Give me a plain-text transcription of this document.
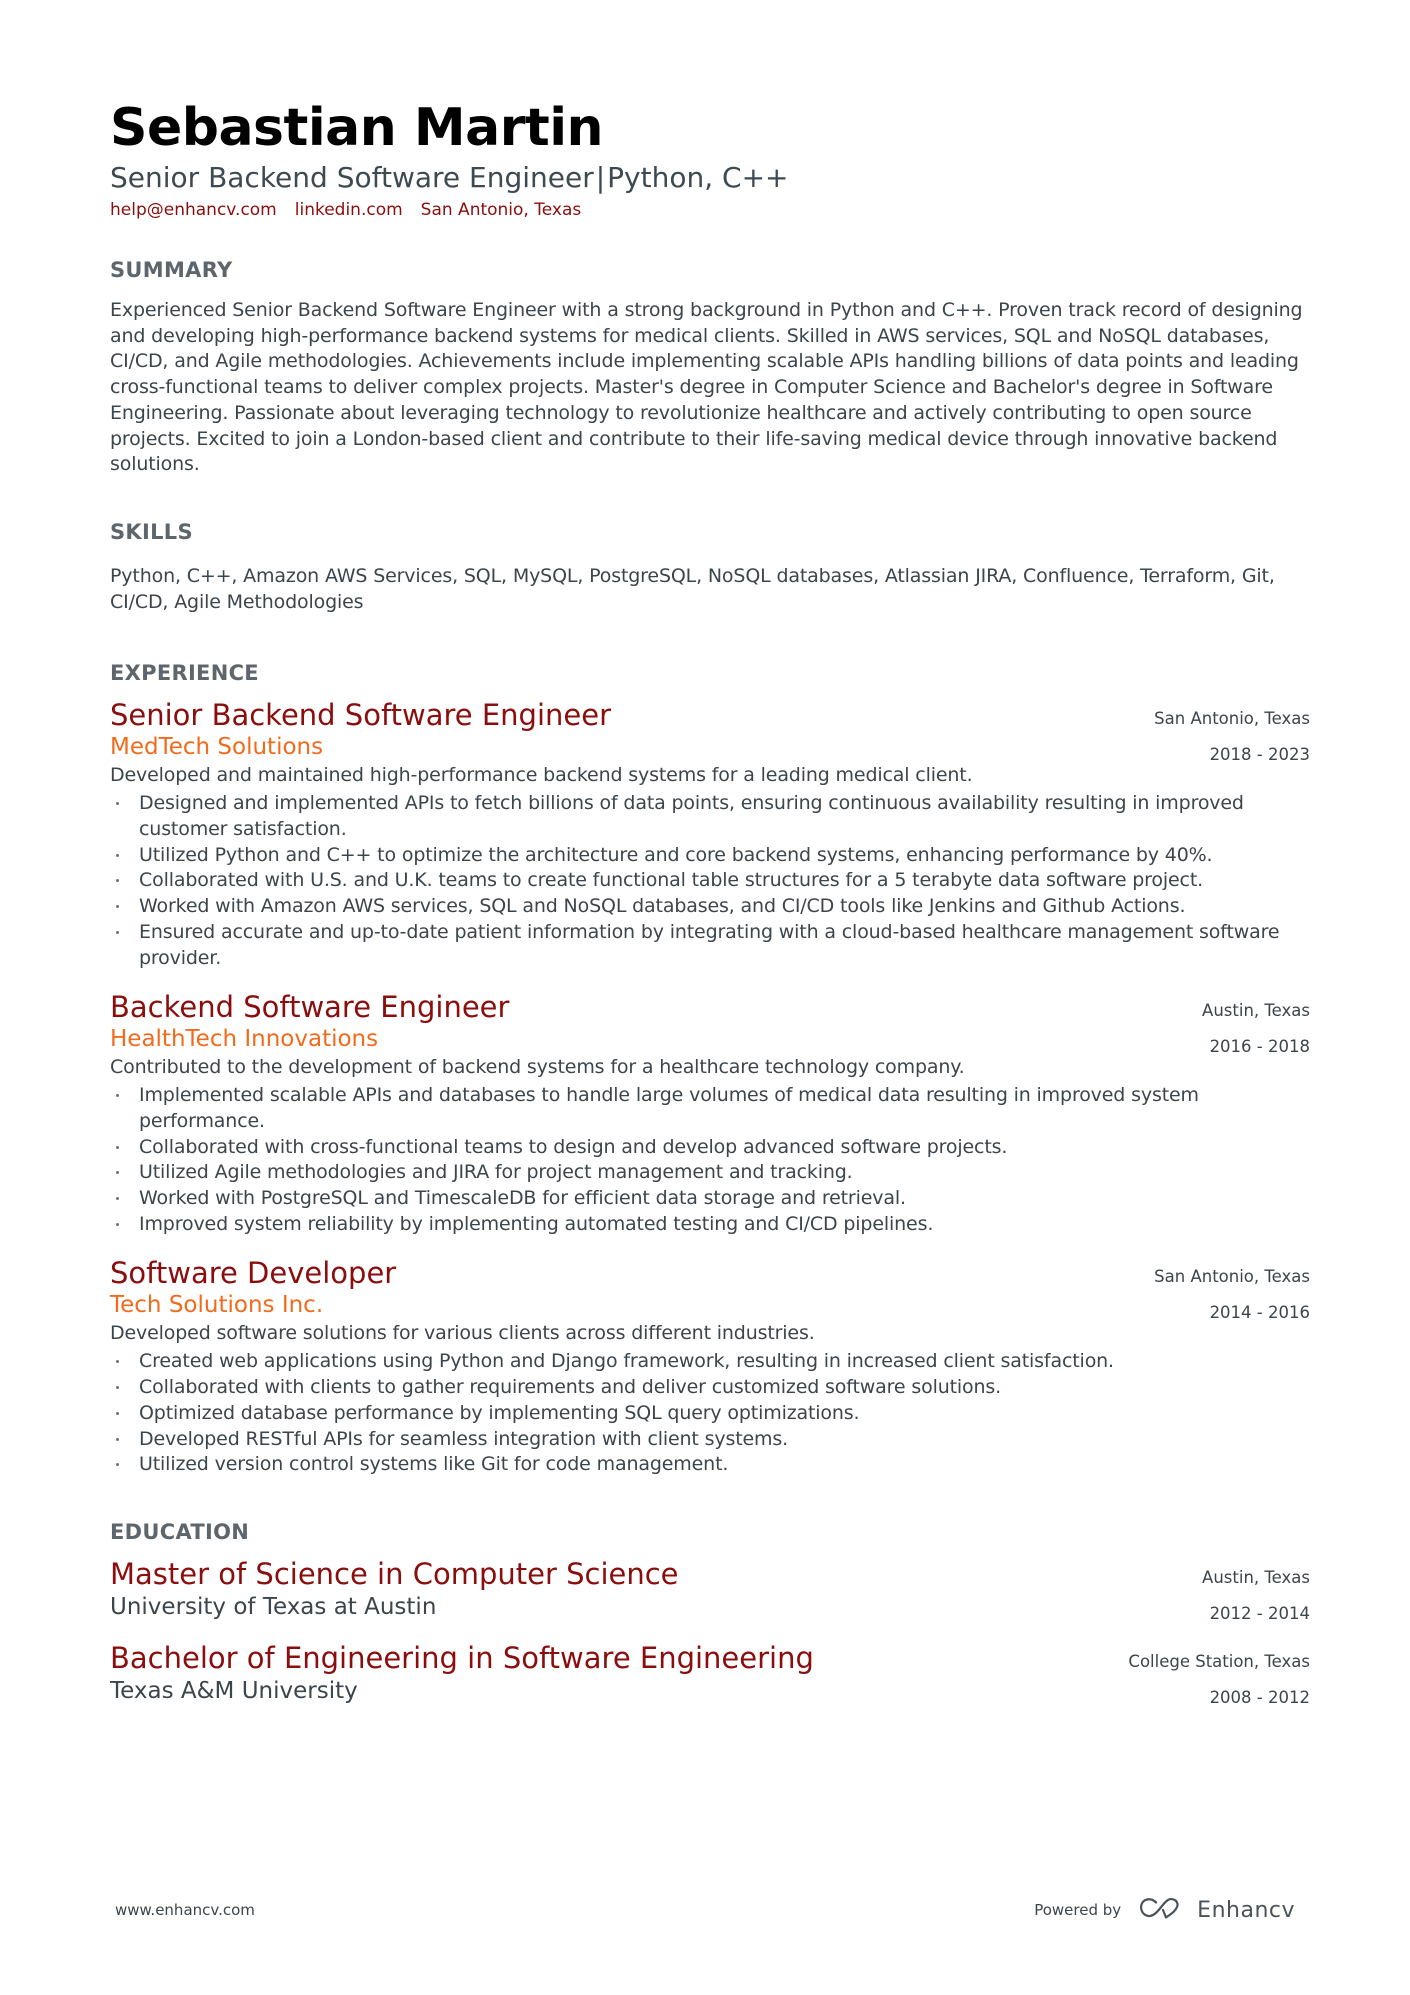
Sebastian Martin
Senior Backend Software Engineer|Python, C++
help@enhancv.com linkedin.com San Antonio, Texas
SUMMARY
Experienced Senior Backend Software Engineer with a strong background in Python and C++. Proven track record of designing and developing high-performance backend systems for medical clients. Skilled in AWS services, SQL and NoSQL databases, CI/CD, and Agile methodologies. Achievements include implementing scalable APIs handling billions of data points and leading cross-functional teams to deliver complex projects. Master's degree in Computer Science and Bachelor's degree in Software Engineering. Passionate about leveraging technology to revolutionize healthcare and actively contributing to open source projects. Excited to join a London-based client and contribute to their life-saving medical device through innovative backend solutions.
SKILLS
Python, C++, Amazon AWS Services, SQL, MySQL, PostgreSQL, NoSQL databases, Atlassian JIRA, Confluence, Terraform, Git, CI/CD, Agile Methodologies
EXPERIENCE
Senior Backend Software Engineer
MedTech Solutions
San Antonio, Texas
2018 - 2023
Developed and maintained high-performance backend systems for a leading medical client.
Designed and implemented APIs to fetch billions of data points, ensuring continuous availability resulting in improved customer satisfaction.
Utilized Python and C++ to optimize the architecture and core backend systems, enhancing performance by 40%.
Collaborated with U.S. and U.K. teams to create functional table structures for a 5 terabyte data software project.
Worked with Amazon AWS services, SQL and NoSQL databases, and CI/CD tools like Jenkins and Github Actions.
Ensured accurate and up-to-date patient information by integrating with a cloud-based healthcare management software provider.
Backend Software Engineer
HealthTech Innovations
Austin, Texas
2016 - 2018
Contributed to the development of backend systems for a healthcare technology company.
Implemented scalable APIs and databases to handle large volumes of medical data resulting in improved system performance.
Collaborated with cross-functional teams to design and develop advanced software projects.
Utilized Agile methodologies and JIRA for project management and tracking.
Worked with PostgreSQL and TimescaleDB for efficient data storage and retrieval.
Improved system reliability by implementing automated testing and CI/CD pipelines.
Software Developer
Tech Solutions Inc.
San Antonio, Texas
2014 - 2016
Developed software solutions for various clients across different industries.
Created web applications using Python and Django framework, resulting in increased client satisfaction.
Collaborated with clients to gather requirements and deliver customized software solutions.
Optimized database performance by implementing SQL query optimizations.
Developed RESTful APIs for seamless integration with client systems.
Utilized version control systems like Git for code management.
EDUCATION
Master of Science in Computer Science
University of Texas at Austin
Austin, Texas
2012 - 2014
Bachelor of Engineering in Software Engineering
Texas A&M University
College Station, Texas
2008 - 2012
www.enhancv.com	Powered by	Enhancv
